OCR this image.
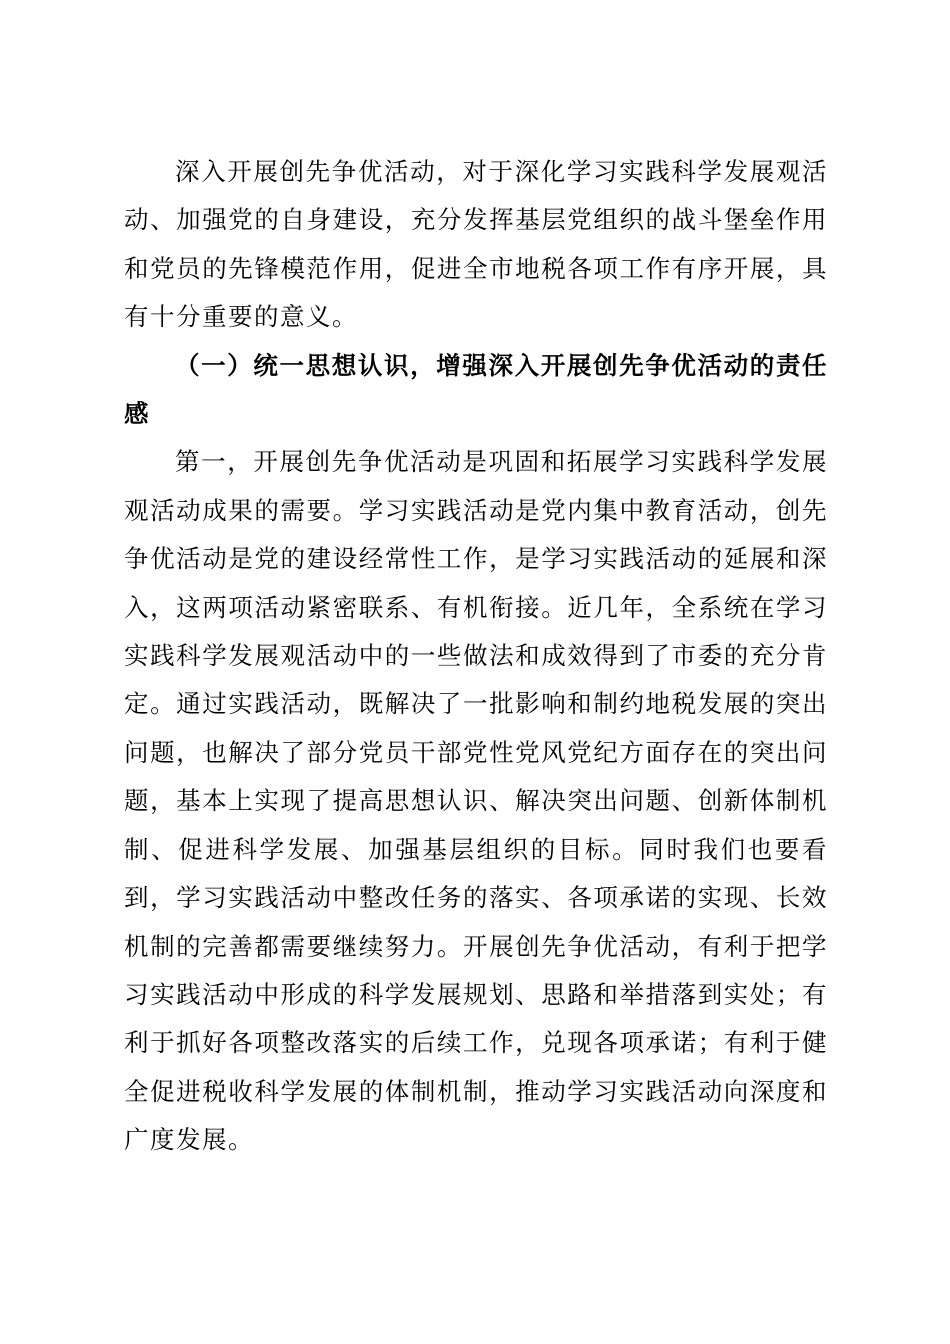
深入开展创先争优活动，对于深化学习实践科学发展观活动、加强党的自身建设，充分发挥基层党组织的战斗堡垒作用和党员的先锋模范作用，促进全市地税各项工作有序开展，具有十分重要的意义。

（一）统一思想认识，增强深入开展创先争优活动的责任感

第一，开展创先争优活动是巩固和拓展学习实践科学发展观活动成果的需要。学习实践活动是党内集中教育活动，创先争优活动是党的建设经常性工作，是学习实践活动的延展和深入，这两项活动紧密联系、有机衔接。近几年，全系统在学习实践科学发展观活动中的一些做法和成效得到了市委的充分肯定。通过实践活动，既解决了一批影响和制约地税发展的突出问题，也解决了部分党员干部党性党风党纪方面存在的突出问题，基本上实现了提高思想认识、解决突出问题、创新体制机制、促进科学发展、加强基层组织的目标。同时我们也要看到，学习实践活动中整改任务的落实、各项承诺的实现、长效机制的完善都需要继续努力。开展创先争优活动，有利于把学习实践活动中形成的科学发展规划、思路和举措落到实处；有利于抓好各项整改落实的后续工作，兑现各项承诺；有利于健全促进税收科学发展的体制机制，推动学习实践活动向深度和广度发展。
